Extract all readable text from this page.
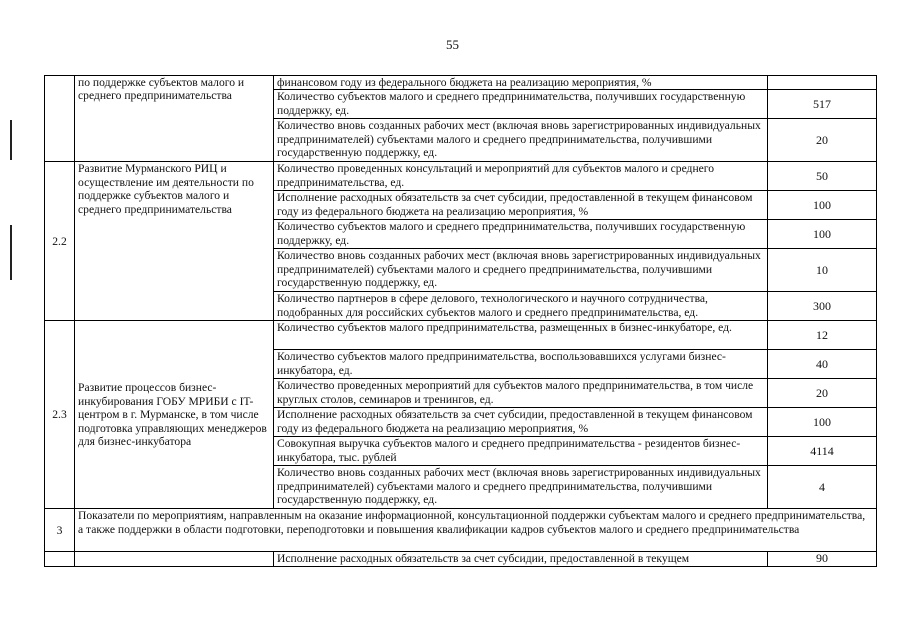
55
	по поддержке субъектов малого и среднего предпринимательства	финансовом году из федерального бюджета на реализацию мероприятия, %	
		Количество субъектов малого и среднего предпринимательства, получивших государственную поддержку, ед.	517
		Количество вновь созданных рабочих мест (включая вновь зарегистрированных индивидуальных предпринимателей) субъектами малого и среднего предпринимательства, получившими государственную поддержку, ед.	20
2.2	Развитие Мурманского РИЦ и осуществление им деятельности по поддержке субъектов малого и среднего предпринимательства	Количество проведенных консультаций и мероприятий для субъектов малого и среднего предпринимательства, ед.	50
		Исполнение расходных обязательств за счет субсидии, предоставленной в текущем финансовом году из федерального бюджета на реализацию мероприятия, %	100
		Количество субъектов малого и среднего предпринимательства, получивших государственную поддержку, ед.	100
		Количество вновь созданных рабочих мест (включая вновь зарегистрированных индивидуальных предпринимателей) субъектами малого и среднего предпринимательства, получившими государственную поддержку, ед.	10
		Количество партнеров в сфере делового, технологического и научного сотрудничества, подобранных для российских субъектов малого и среднего предпринимательства, ед.	300
2.3	Развитие процессов бизнес-инкубирования ГОБУ МРИБИ с IT-центром в г. Мурманске, в том числе подготовка управляющих менеджеров для бизнес-инкубатора	Количество субъектов малого предпринимательства, размещенных в бизнес-инкубаторе, ед.	12
		Количество субъектов малого предпринимательства, воспользовавшихся услугами бизнес-инкубатора, ед.	40
		Количество проведенных мероприятий для субъектов малого предпринимательства, в том числе круглых столов, семинаров и тренингов, ед.	20
		Исполнение расходных обязательств за счет субсидии, предоставленной в текущем финансовом году из федерального бюджета на реализацию мероприятия, %	100
		Совокупная выручка субъектов малого и среднего предпринимательства - резидентов бизнес-инкубатора, тыс. рублей	4114
		Количество вновь созданных рабочих мест (включая вновь зарегистрированных индивидуальных предпринимателей) субъектами малого и среднего предпринимательства, получившими государственную поддержку, ед.	4
3	Показатели по мероприятиям, направленным на оказание информационной, консультационной поддержки субъектам малого и среднего предпринимательства, а также поддержки в области подготовки, переподготовки и повышения квалификации кадров субъектов малого и среднего предпринимательства		
		Исполнение расходных обязательств за счет субсидии, предоставленной в текущем	90
